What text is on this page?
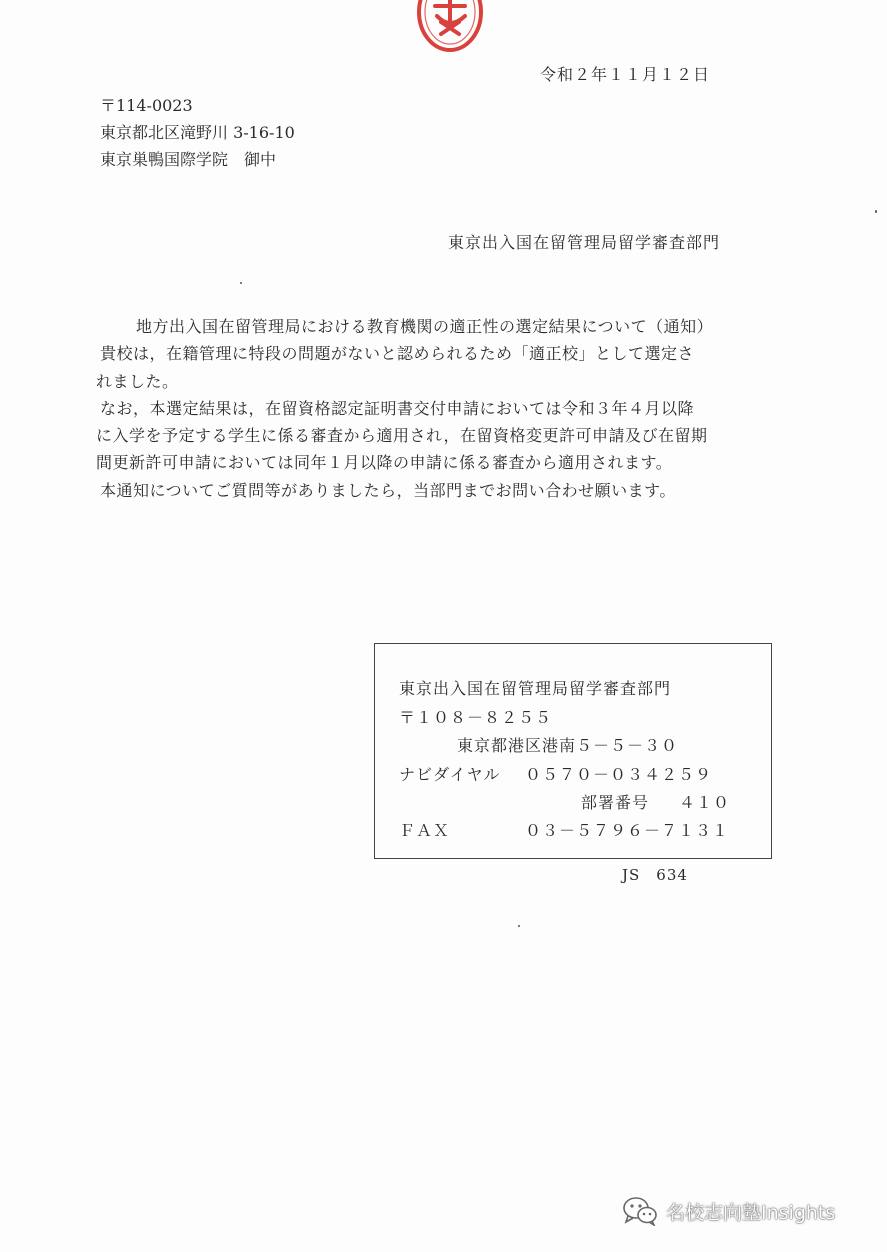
令和２年１１月１２日
〒114-0023
東京都北区滝野川 3-16-10
東京巣鴨国際学院　御中
東京出入国在留管理局留学審査部門
地方出入国在留管理局における教育機関の適正性の選定結果について（通知）
貴校は，在籍管理に特段の問題がないと認められるため「適正校」として選定さ
れました。
なお，本選定結果は，在留資格認定証明書交付申請においては令和３年４月以降
に入学を予定する学生に係る審査から適用され，在留資格変更許可申請及び在留期
間更新許可申請においては同年１月以降の申請に係る審査から適用されます。
本通知についてご質問等がありましたら，当部門までお問い合わせ願います。
東京出入国在留管理局留学審査部門
〒１０８－８２５５
東京都港区港南５－５－３０
ナビダイヤル ０５７０－０３４２５９
部署番号 ４１０
ＦＡＸ	０３－５７９６－７１３１
JS　634
名校志向塾Insights
